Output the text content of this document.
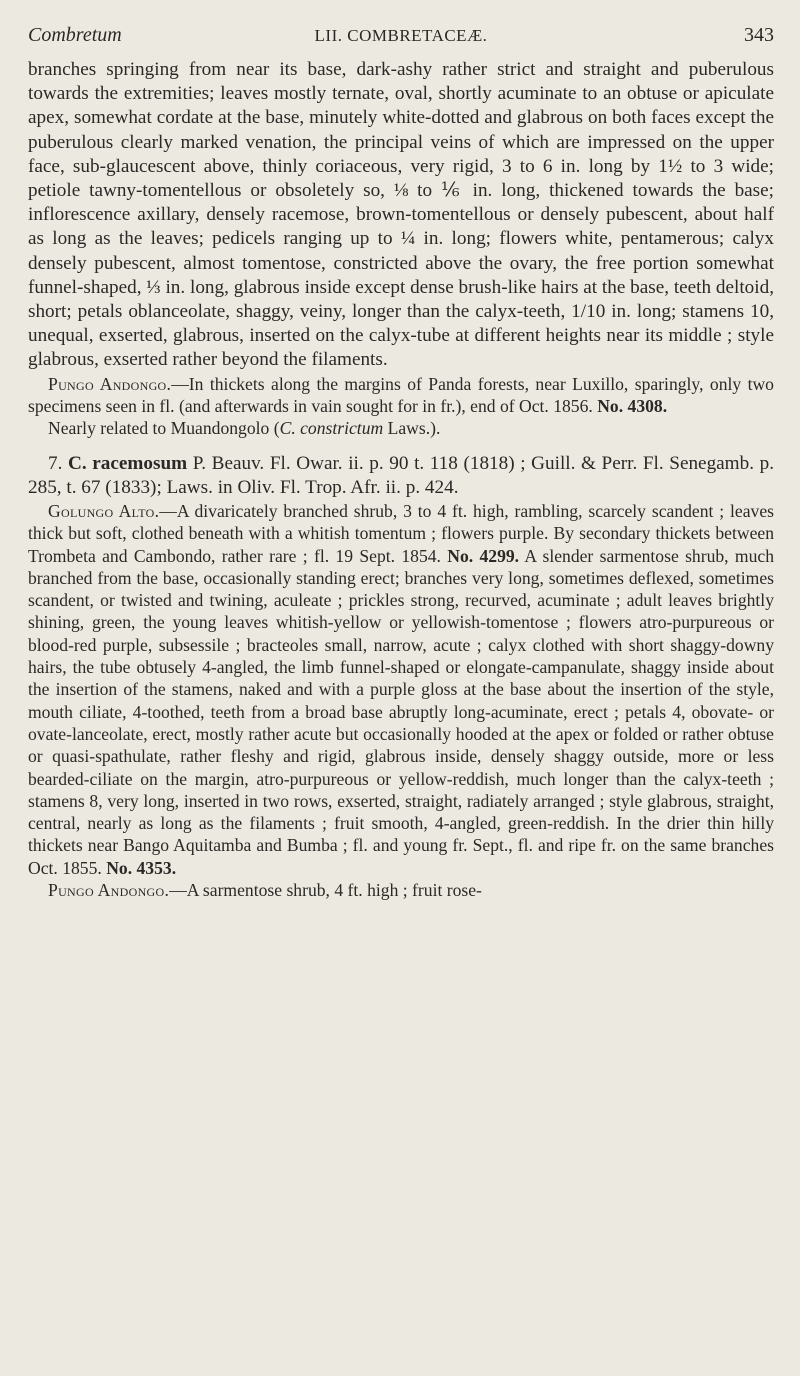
Combretum	LII. COMBRETACEÆ.	343

branches springing from near its base, dark-ashy rather strict and straight and puberulous towards the extremities; leaves mostly ternate, oval, shortly acuminate to an obtuse or apiculate apex, somewhat cordate at the base, minutely white-dotted and glabrous on both faces except the puberulous clearly marked venation, the principal veins of which are impressed on the upper face, sub-glaucescent above, thinly coriaceous, very rigid, 3 to 6 in. long by 1½ to 3 wide; petiole tawny-tomentellous or obsoletely so, ⅛ to ⅙ in. long, thickened towards the base; inflorescence axillary, densely racemose, brown-tomentellous or densely pubescent, about half as long as the leaves; pedicels ranging up to ¼ in. long; flowers white, pentamerous; calyx densely pubescent, almost tomentose, constricted above the ovary, the free portion somewhat funnel-shaped, ⅓ in. long, glabrous inside except dense brush-like hairs at the base, teeth deltoid, short; petals oblanceolate, shaggy, veiny, longer than the calyx-teeth, 1/10 in. long; stamens 10, unequal, exserted, glabrous, inserted on the calyx-tube at different heights near its middle ; style glabrous, exserted rather beyond the filaments.

Pungo Andongo.—In thickets along the margins of Panda forests, near Luxillo, sparingly, only two specimens seen in fl. (and afterwards in vain sought for in fr.), end of Oct. 1856. No. 4308.

Nearly related to Muandongolo (C. constrictum Laws.).

7. C. racemosum P. Beauv. Fl. Owar. ii. p. 90 t. 118 (1818) ; Guill. & Perr. Fl. Senegamb. p. 285, t. 67 (1833); Laws. in Oliv. Fl. Trop. Afr. ii. p. 424.

Golungo Alto.—A divaricately branched shrub, 3 to 4 ft. high, rambling, scarcely scandent ; leaves thick but soft, clothed beneath with a whitish tomentum ; flowers purple. By secondary thickets between Trombeta and Cambondo, rather rare ; fl. 19 Sept. 1854. No. 4299. A slender sarmentose shrub, much branched from the base, occasionally standing erect; branches very long, sometimes deflexed, sometimes scandent, or twisted and twining, aculeate ; prickles strong, recurved, acuminate ; adult leaves brightly shining, green, the young leaves whitish-yellow or yellowish-tomentose ; flowers atro-purpureous or blood-red purple, subsessile ; bracteoles small, narrow, acute ; calyx clothed with short shaggy-downy hairs, the tube obtusely 4-angled, the limb funnel-shaped or elongate-campanulate, shaggy inside about the insertion of the stamens, naked and with a purple gloss at the base about the insertion of the style, mouth ciliate, 4-toothed, teeth from a broad base abruptly long-acuminate, erect ; petals 4, obovate- or ovate-lanceolate, erect, mostly rather acute but occasionally hooded at the apex or folded or rather obtuse or quasi-spathulate, rather fleshy and rigid, glabrous inside, densely shaggy outside, more or less bearded-ciliate on the margin, atro-purpureous or yellow-reddish, much longer than the calyx-teeth ; stamens 8, very long, inserted in two rows, exserted, straight, radiately arranged ; style glabrous, straight, central, nearly as long as the filaments ; fruit smooth, 4-angled, green-reddish. In the drier thin hilly thickets near Bango Aquitamba and Bumba ; fl. and young fr. Sept., fl. and ripe fr. on the same branches Oct. 1855. No. 4353.

Pungo Andongo.—A sarmentose shrub, 4 ft. high ; fruit rose-
